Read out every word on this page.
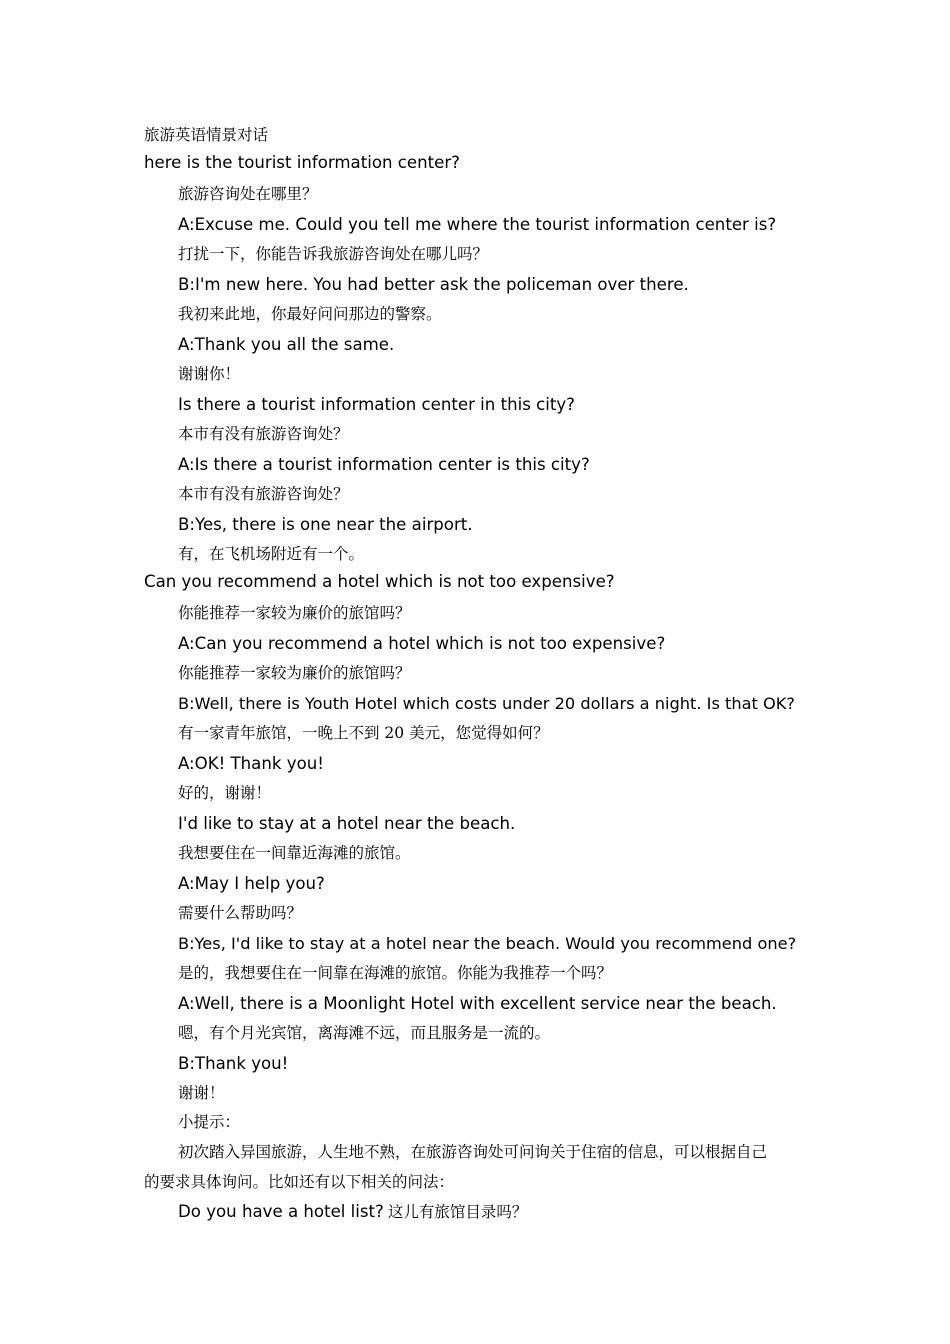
旅游英语情景对话
here is the tourist information center?
旅游咨询处在哪里？
A:Excuse me. Could you tell me where the tourist information center is?
打扰一下，你能告诉我旅游咨询处在哪儿吗？
B:I'm new here. You had better ask the policeman over there.
我初来此地，你最好问问那边的警察。
A:Thank you all the same.
谢谢你！
Is there a tourist information center in this city?
本市有没有旅游咨询处？
A:Is there a tourist information center is this city?
本市有没有旅游咨询处？
B:Yes, there is one near the airport.
有，在飞机场附近有一个。
Can you recommend a hotel which is not too expensive?
你能推荐一家较为廉价的旅馆吗？
A:Can you recommend a hotel which is not too expensive?
你能推荐一家较为廉价的旅馆吗？
B:Well, there is Youth Hotel which costs under 20 dollars a night. Is that OK?
有一家青年旅馆，一晚上不到 20 美元，您觉得如何？
A:OK! Thank you!
好的，谢谢！
I'd like to stay at a hotel near the beach.
我想要住在一间靠近海滩的旅馆。
A:May I help you?
需要什么帮助吗？
B:Yes, I'd like to stay at a hotel near the beach. Would you recommend one?
是的，我想要住在一间靠在海滩的旅馆。你能为我推荐一个吗？
A:Well, there is a Moonlight Hotel with excellent service near the beach.
嗯，有个月光宾馆，离海滩不远，而且服务是一流的。
B:Thank you!
谢谢！
小提示：
初次踏入异国旅游，人生地不熟，在旅游咨询处可问询关于住宿的信息，可以根据自己
的要求具体询问。比如还有以下相关的问法：
Do you have a hotel list? 这儿有旅馆目录吗？
